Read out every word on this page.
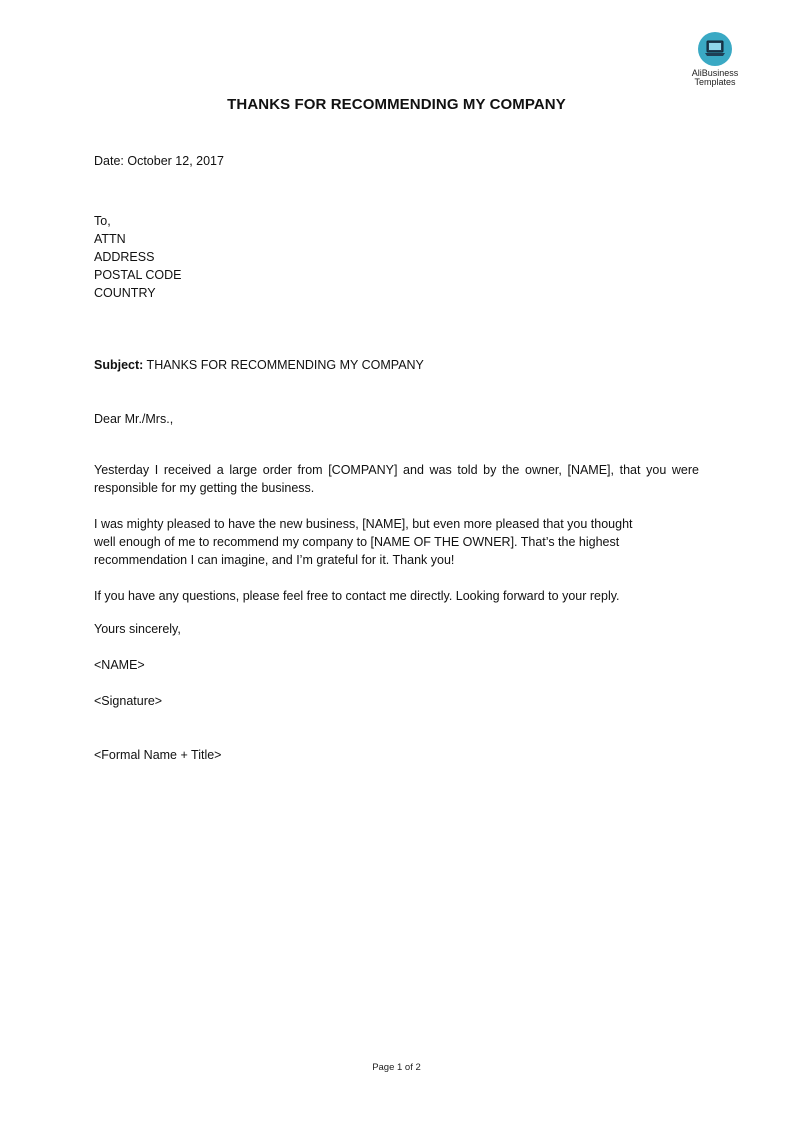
AliBusiness
Templates
THANKS FOR RECOMMENDING MY COMPANY
Date: October 12, 2017
To,
ATTN
ADDRESS
POSTAL CODE
COUNTRY
Subject: THANKS FOR RECOMMENDING MY COMPANY
Dear Mr./Mrs.,
Yesterday I received a large order from [COMPANY] and was told by the owner, [NAME], that you were responsible for my getting the business.
I was mighty pleased to have the new business, [NAME], but even more pleased that you thought
well enough of me to recommend my company to [NAME OF THE OWNER]. That’s the highest
recommendation I can imagine, and I’m grateful for it. Thank you!
If you have any questions, please feel free to contact me directly. Looking forward to your reply.
Yours sincerely,
<NAME>
<Signature>
<Formal Name + Title>
Page 1 of 2
